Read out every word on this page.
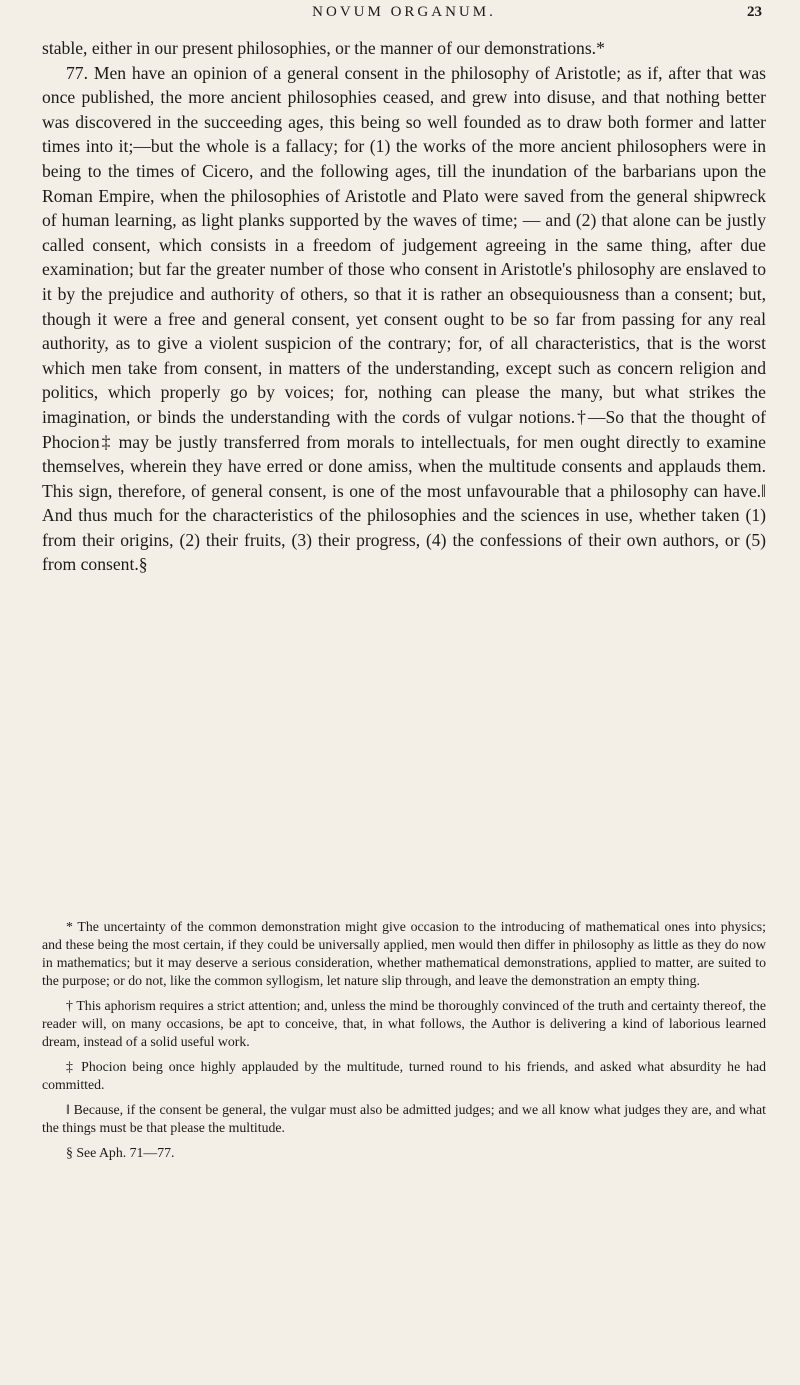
NOVUM ORGANUM.	23

stable, either in our present philosophies, or the manner of our demonstrations.*

77. Men have an opinion of a general consent in the philosophy of Aristotle; as if, after that was once published, the more ancient philosophies ceased, and grew into disuse, and that nothing better was discovered in the succeeding ages, this being so well founded as to draw both former and latter times into it;—but the whole is a fallacy; for (1) the works of the more ancient philosophers were in being to the times of Cicero, and the following ages, till the inundation of the barbarians upon the Roman Empire, when the philosophies of Aristotle and Plato were saved from the general shipwreck of human learning, as light planks supported by the waves of time; — and (2) that alone can be justly called consent, which consists in a freedom of judgement agreeing in the same thing, after due examination; but far the greater number of those who consent in Aristotle's philosophy are enslaved to it by the prejudice and authority of others, so that it is rather an obsequiousness than a consent; but, though it were a free and general consent, yet consent ought to be so far from passing for any real authority, as to give a violent suspicion of the contrary; for, of all characteristics, that is the worst which men take from consent, in matters of the understanding, except such as concern religion and politics, which properly go by voices; for, nothing can please the many, but what strikes the imagination, or binds the understanding with the cords of vulgar notions.†—So that the thought of Phocion‡ may be justly transferred from morals to intellectuals, for men ought directly to examine themselves, wherein they have erred or done amiss, when the multitude consents and applauds them. This sign, therefore, of general consent, is one of the most unfavourable that a philosophy can have.‖ And thus much for the characteristics of the philosophies and the sciences in use, whether taken (1) from their origins, (2) their fruits, (3) their progress, (4) the confessions of their own authors, or (5) from consent.§

* The uncertainty of the common demonstration might give occasion to the introducing of mathematical ones into physics; and these being the most certain, if they could be universally applied, men would then differ in philosophy as little as they do now in mathematics; but it may deserve a serious consideration, whether mathematical demonstrations, applied to matter, are suited to the purpose; or do not, like the common syllogism, let nature slip through, and leave the demonstration an empty thing.

† This aphorism requires a strict attention; and, unless the mind be thoroughly convinced of the truth and certainty thereof, the reader will, on many occasions, be apt to conceive, that, in what follows, the Author is delivering a kind of laborious learned dream, instead of a solid useful work.

‡ Phocion being once highly applauded by the multitude, turned round to his friends, and asked what absurdity he had committed.

‖ Because, if the consent be general, the vulgar must also be admitted judges; and we all know what judges they are, and what the things must be that please the multitude.

§ See Aph. 71—77.
